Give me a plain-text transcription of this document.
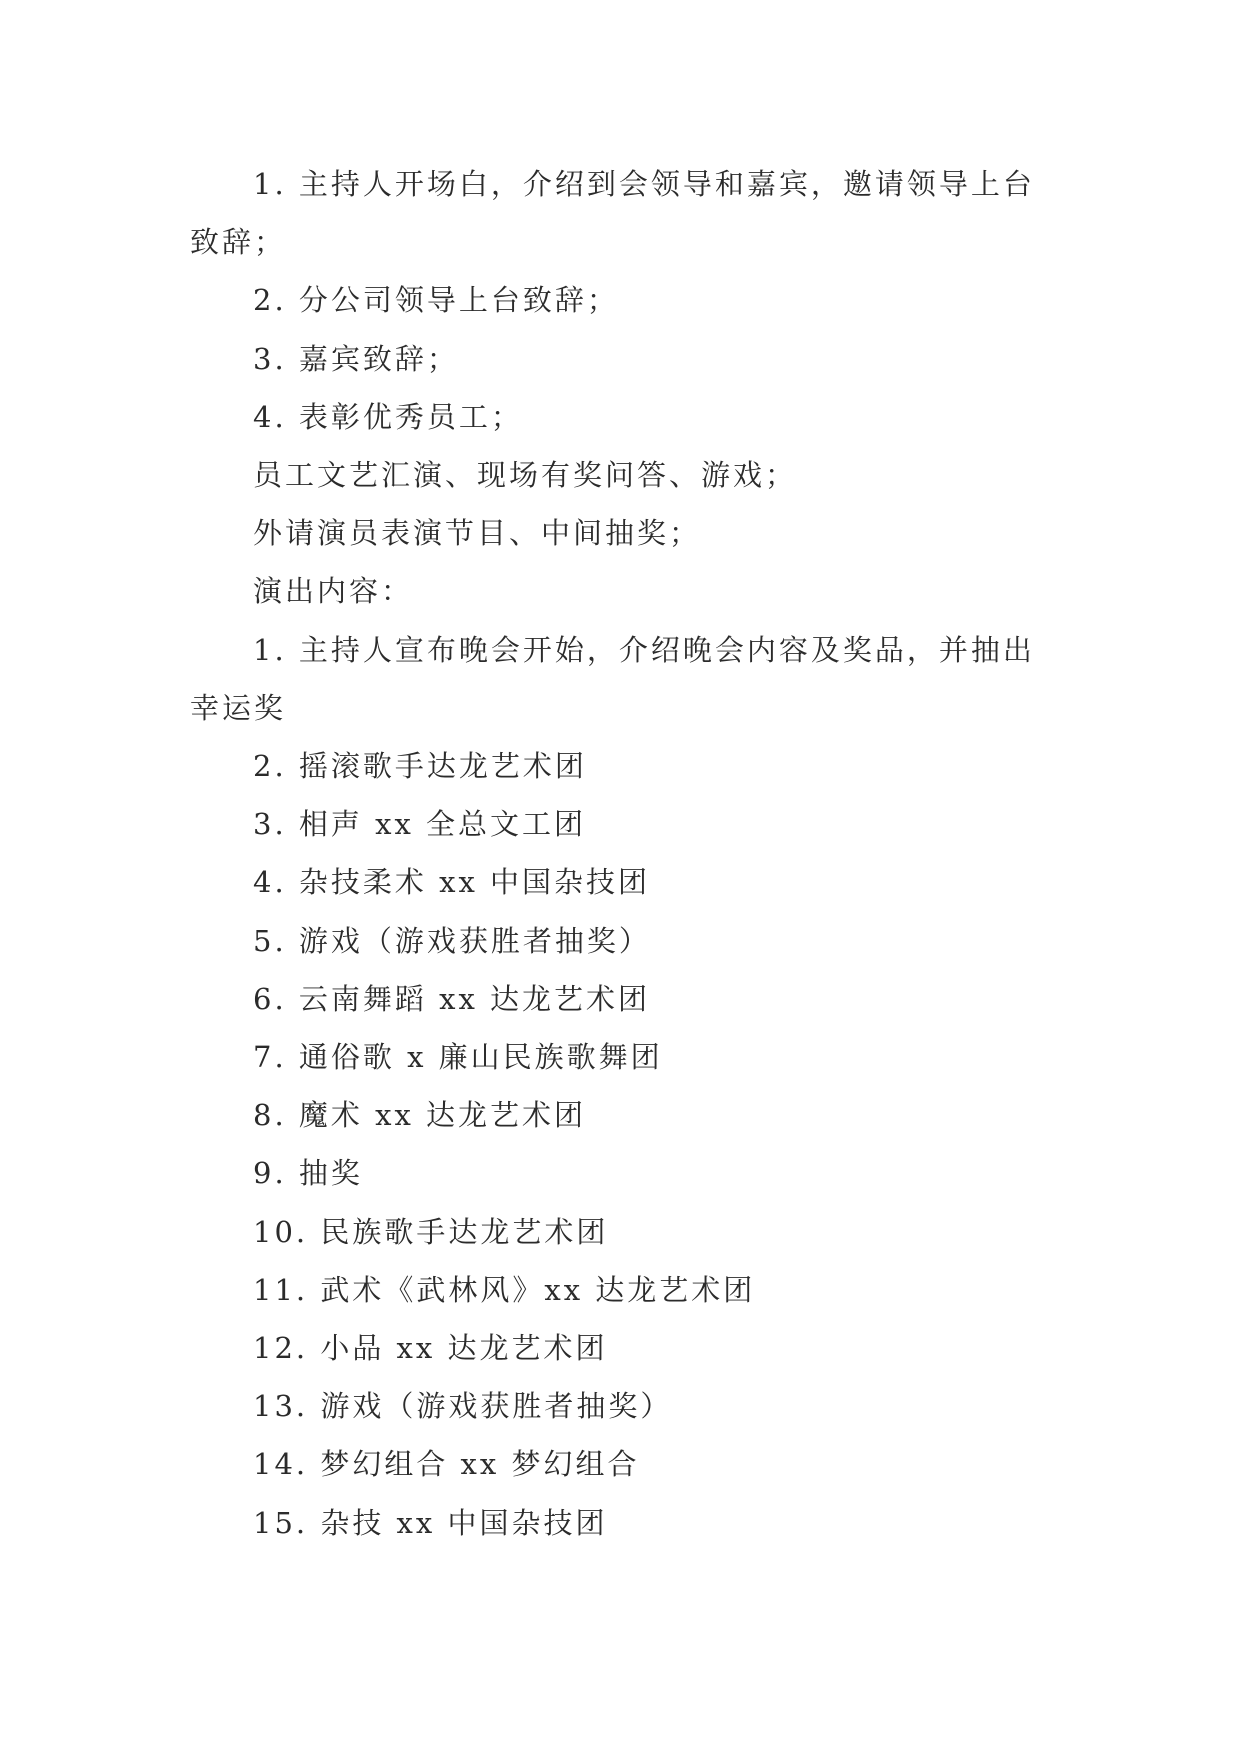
1. 主持人开场白，介绍到会领导和嘉宾，邀请领导上台致辞；

2. 分公司领导上台致辞；

3. 嘉宾致辞；

4. 表彰优秀员工；

员工文艺汇演、现场有奖问答、游戏；

外请演员表演节目、中间抽奖；

演出内容：

1. 主持人宣布晚会开始，介绍晚会内容及奖品，并抽出幸运奖

2. 摇滚歌手达龙艺术团

3. 相声 xx 全总文工团

4. 杂技柔术 xx 中国杂技团

5. 游戏（游戏获胜者抽奖）

6. 云南舞蹈 xx 达龙艺术团

7. 通俗歌 x 廉山民族歌舞团

8. 魔术 xx 达龙艺术团

9. 抽奖

10. 民族歌手达龙艺术团

11. 武术《武林风》xx 达龙艺术团

12. 小品 xx 达龙艺术团

13. 游戏（游戏获胜者抽奖）

14. 梦幻组合 xx 梦幻组合

15. 杂技 xx 中国杂技团
